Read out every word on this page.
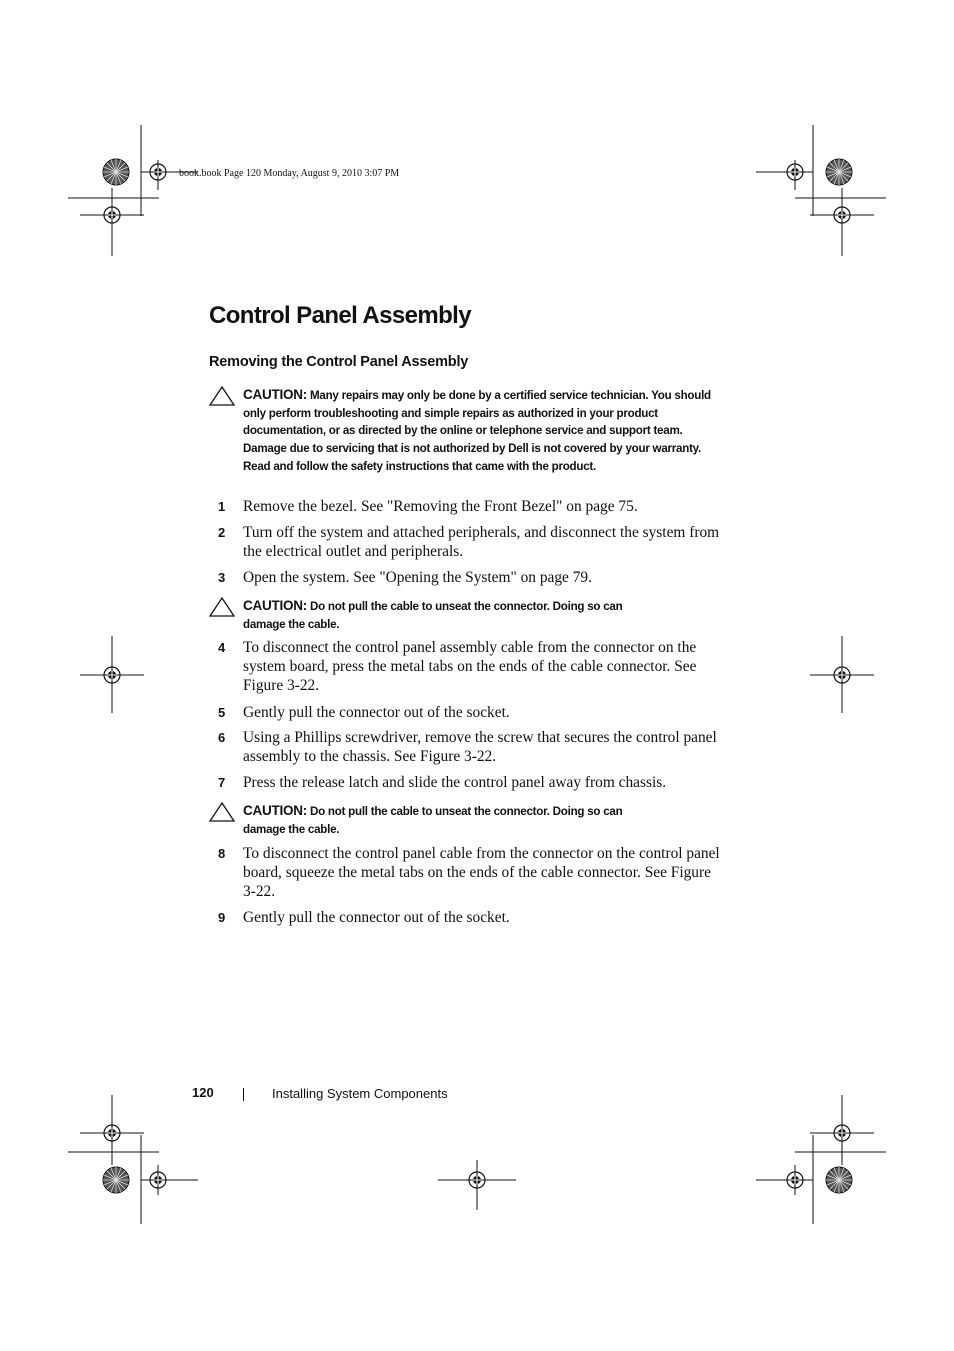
book.book Page 120 Monday, August 9, 2010 3:07 PM
Control Panel Assembly
Removing the Control Panel Assembly
CAUTION: Many repairs may only be done by a certified service technician. You should only perform troubleshooting and simple repairs as authorized in your product documentation, or as directed by the online or telephone service and support team. Damage due to servicing that is not authorized by Dell is not covered by your warranty. Read and follow the safety instructions that came with the product.
1 Remove the bezel. See "Removing the Front Bezel" on page 75.
2 Turn off the system and attached peripherals, and disconnect the system from the electrical outlet and peripherals.
3 Open the system. See "Opening the System" on page 79.
CAUTION: Do not pull the cable to unseat the connector. Doing so can damage the cable.
4 To disconnect the control panel assembly cable from the connector on the system board, press the metal tabs on the ends of the cable connector. See Figure 3-22.
5 Gently pull the connector out of the socket.
6 Using a Phillips screwdriver, remove the screw that secures the control panel assembly to the chassis. See Figure 3-22.
7 Press the release latch and slide the control panel away from chassis.
CAUTION: Do not pull the cable to unseat the connector. Doing so can damage the cable.
8 To disconnect the control panel cable from the connector on the control panel board, squeeze the metal tabs on the ends of the cable connector. See Figure 3-22.
9 Gently pull the connector out of the socket.
120	Installing System Components
